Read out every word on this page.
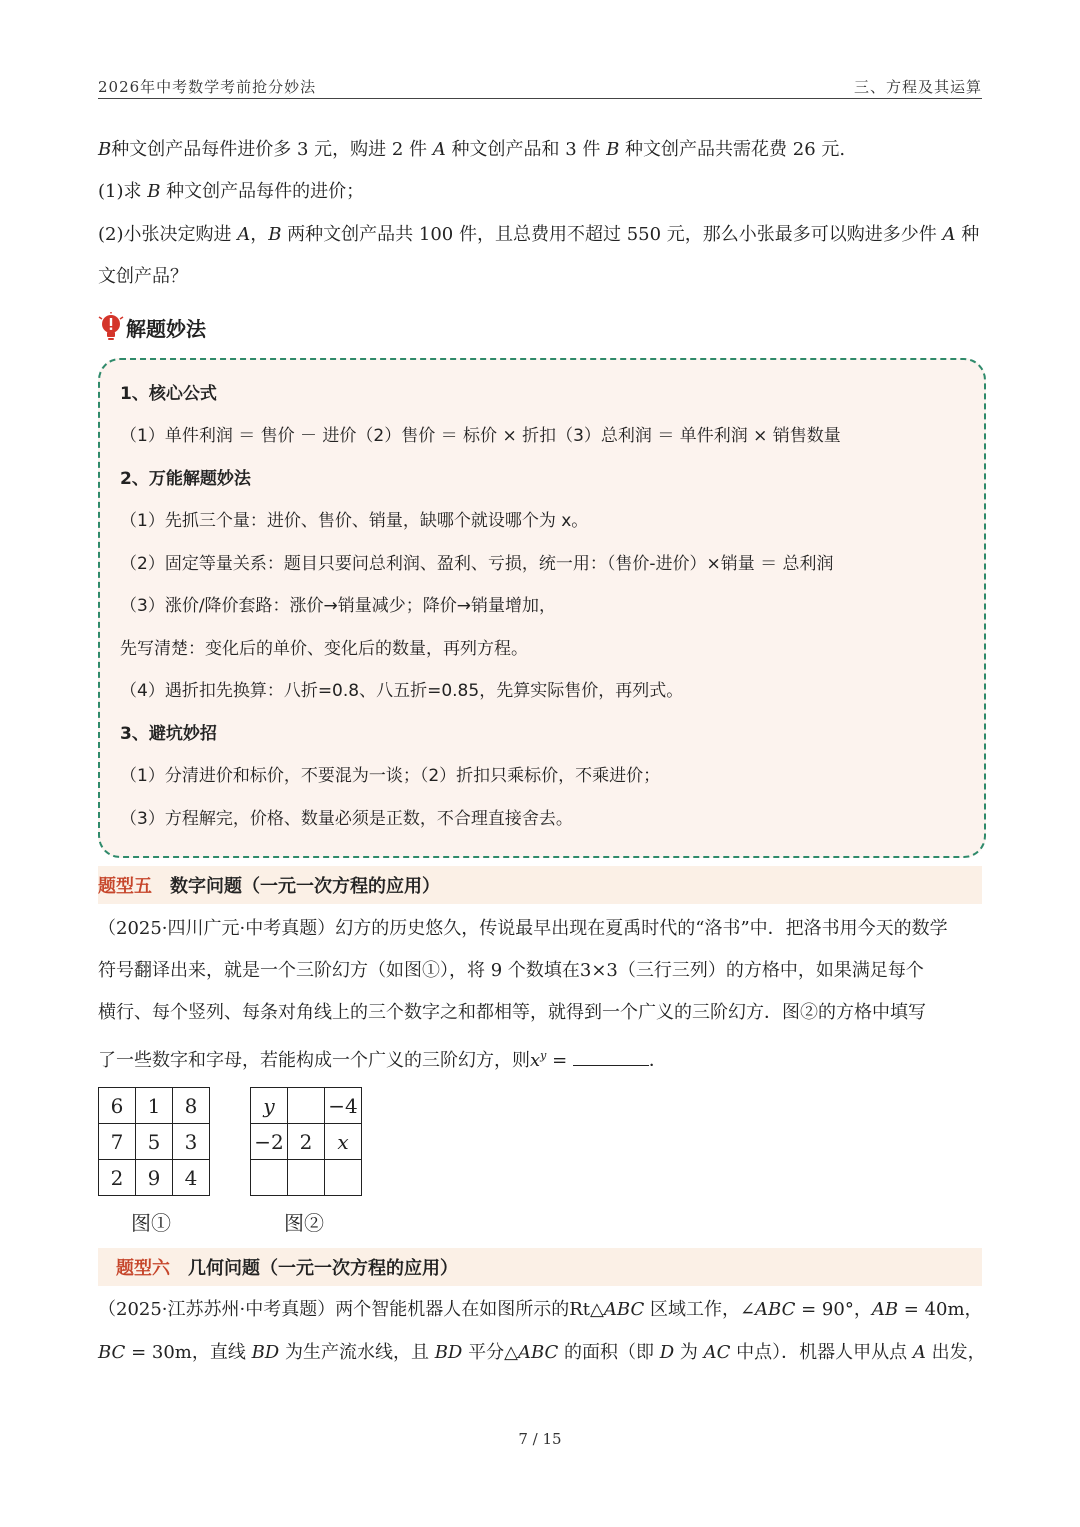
2026年中考数学考前抢分妙法	三、方程及其运算
B种文创产品每件进价多 3 元，购进 2 件 A 种文创产品和 3 件 B 种文创产品共需花费 26 元.
(1)求 B 种文创产品每件的进价；
(2)小张决定购进 A，B 两种文创产品共 100 件，且总费用不超过 550 元，那么小张最多可以购进多少件 A 种
文创产品？
解题妙法
1、核心公式
（1）单件利润 ＝ 售价 － 进价（2）售价 ＝ 标价 × 折扣（3）总利润 ＝ 单件利润 × 销售数量
2、万能解题妙法
（1）先抓三个量：进价、售价、销量，缺哪个就设哪个为 x。
（2）固定等量关系：题目只要问总利润、盈利、亏损，统一用：（售价-进价）×销量 ＝ 总利润
（3）涨价/降价套路：涨价→销量减少；降价→销量增加，
先写清楚：变化后的单价、变化后的数量，再列方程。
（4）遇折扣先换算：八折=0.8、八五折=0.85，先算实际售价，再列式。
3、避坑妙招
（1）分清进价和标价，不要混为一谈；（2）折扣只乘标价，不乘进价；
（3）方程解完，价格、数量必须是正数，不合理直接舍去。
题型五 数字问题（一元一次方程的应用）
（2025·四川广元·中考真题）幻方的历史悠久，传说最早出现在夏禹时代的“洛书”中．把洛书用今天的数学
符号翻译出来，就是一个三阶幻方（如图①），将 9 个数填在3×3（三行三列）的方格中，如果满足每个
横行、每个竖列、每条对角线上的三个数字之和都相等，就得到一个广义的三阶幻方．图②的方格中填写
了一些数字和字母，若能构成一个广义的三阶幻方，则$x^y$ =	．
6	1	8
7	5	3
2	9	4
图①
y		−4
−2	2	x

图②
题型六 几何问题（一元一次方程的应用）
（2025·江苏苏州·中考真题）两个智能机器人在如图所示的Rt△ABC 区域工作，∠ABC = 90°，AB = 40m，
BC = 30m，直线 BD 为生产流水线，且 BD 平分△ABC 的面积（即 D 为 AC 中点）．机器人甲从点 A 出发，
7 / 15
